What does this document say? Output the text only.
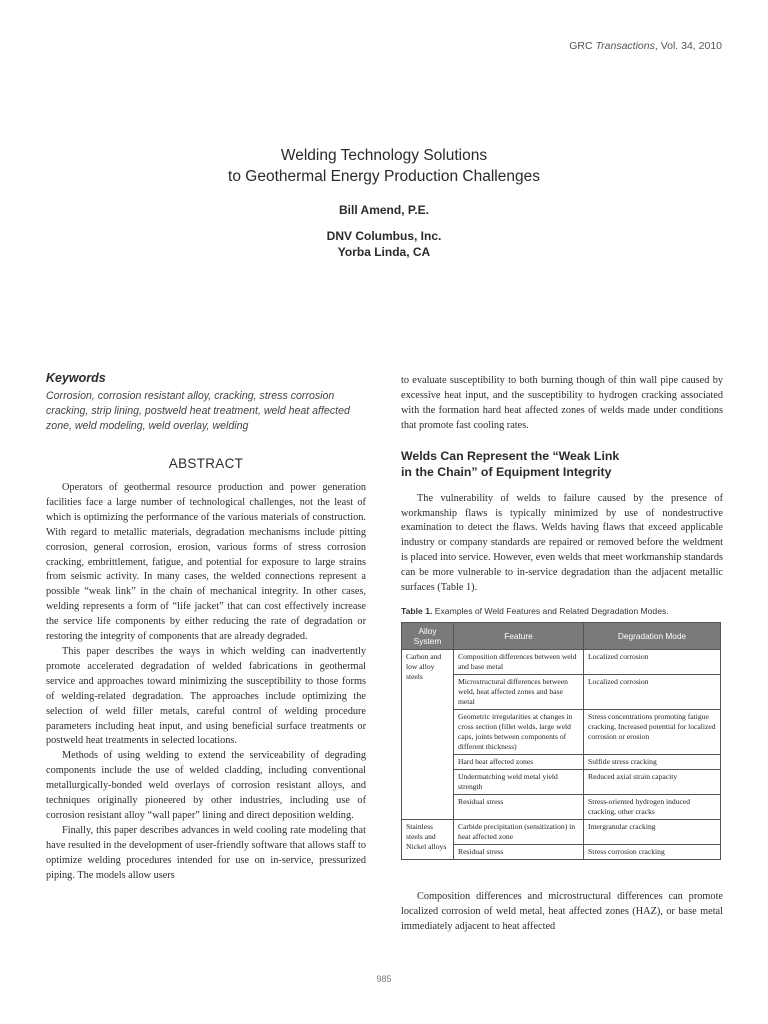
GRC Transactions, Vol. 34, 2010
Welding Technology Solutions
to Geothermal Energy Production Challenges
Bill Amend, P.E.
DNV Columbus, Inc.
Yorba Linda, CA
Keywords
Corrosion, corrosion resistant alloy, cracking, stress corrosion cracking, strip lining, postweld heat treatment, weld heat affected zone, weld modeling, weld overlay, welding
ABSTRACT

Operators of geothermal resource production and power generation facilities face a large number of technological challenges, not the least of which is optimizing the performance of the various materials of construction. With regard to metallic materials, degradation mechanisms include pitting corrosion, general corrosion, erosion, various forms of stress corrosion cracking, embrittlement, fatigue, and potential for exposure to large strains from seismic activity. In many cases, the welded connections represent a possible “weak link” in the chain of mechanical integrity. In other cases, welding represents a form of “life jacket” that can cost effectively increase the service life components by either reducing the rate of degradation or restoring the integrity of components that are already degraded.

This paper describes the ways in which welding can inadvertently promote accelerated degradation of welded fabrications in geothermal service and approaches toward minimizing the susceptibility to those forms of welding-related degradation. The approaches include optimizing the selection of weld filler metals, careful control of welding procedure parameters including heat input, and using beneficial surface treatments or postweld heat treatments in selected locations.

Methods of using welding to extend the serviceability of degrading components include the use of welded cladding, including conventional metallurgically-bonded weld overlays of corrosion resistant alloys, and techniques originally pioneered by other industries, including use of corrosion resistant alloy “wall paper” lining and direct deposition welding.

Finally, this paper describes advances in weld cooling rate modeling that have resulted in the development of user-friendly software that allows staff to optimize welding procedures intended for use on in-service, pressurized piping. The models allow users

to evaluate susceptibility to both burning though of thin wall pipe caused by excessive heat input, and the susceptibility to hydrogen cracking associated with the formation hard heat affected zones of welds made under conditions that promote fast cooling rates.

Welds Can Represent the “Weak Link
in the Chain” of Equipment Integrity

The vulnerability of welds to failure caused by the presence of workmanship flaws is typically minimized by use of nondestructive examination to detect the flaws. Welds having flaws that exceed applicable industry or company standards are repaired or removed before the weldment is placed into service. However, even welds that meet workmanship standards can be more vulnerable to in-service degradation than the adjacent metallic surfaces (Table 1).

Table 1. Examples of Weld Features and Related Degradation Modes.
Alloy System	Feature	Degradation Mode
Carbon and low alloy steels	Composition differences between weld and base metal	Localized corrosion
	Microstructural differences between weld, heat affected zones and base metal	Localized corrosion
	Geometric irregularities at changes in cross section (fillet welds, large weld caps, joints between components of different thickness)	Stress concentrations promoting fatigue cracking, Increased potential for localized corrosion or erosion
	Hard heat affected zones	Sulfide stress cracking
	Undermatching weld metal yield strength	Reduced axial strain capacity
	Residual stress	Stress-oriented hydrogen induced cracking, other cracks
Stainless steels and Nickel alloys	Carbide precipitation (sensitization) in heat affected zone	Intergranular cracking
	Residual stress	Stress corrosion cracking

Composition differences and microstructural differences can promote localized corrosion of weld metal, heat affected zones (HAZ), or base metal immediately adjacent to heat affected

985
